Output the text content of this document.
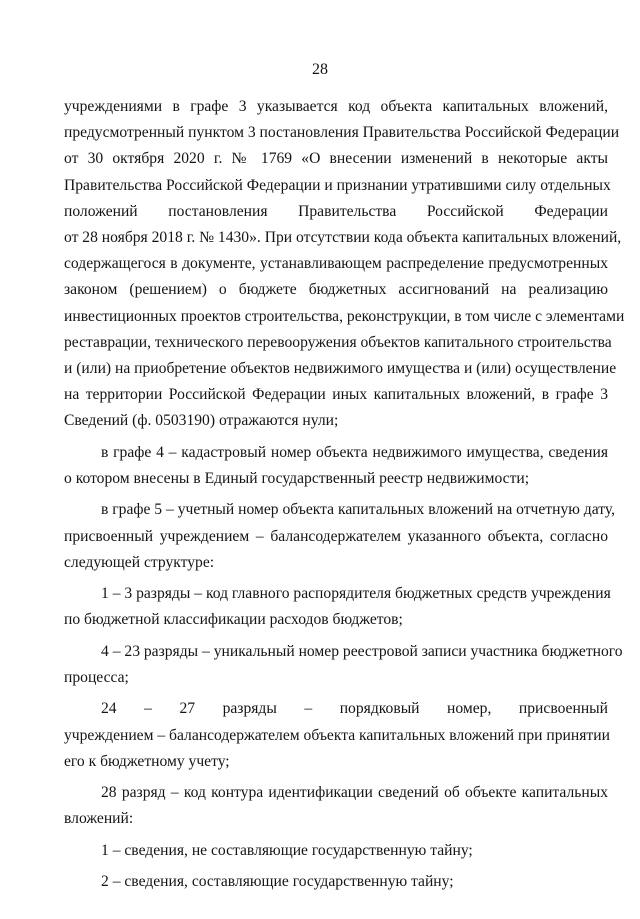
28

учреждениями в графе 3 указывается код объекта капитальных вложений,
предусмотренный пунктом 3 постановления Правительства Российской Федерации
от 30 октября 2020 г. № 1769 «О внесении изменений в некоторые акты
Правительства Российской Федерации и признании утратившими силу отдельных
положений постановления Правительства Российской Федерации
от 28 ноября 2018 г. № 1430». При отсутствии кода объекта капитальных вложений,
содержащегося в документе, устанавливающем распределение предусмотренных
законом (решением) о бюджете бюджетных ассигнований на реализацию
инвестиционных проектов строительства, реконструкции, в том числе с элементами
реставрации, технического перевооружения объектов капитального строительства
и (или) на приобретение объектов недвижимого имущества и (или) осуществление
на территории Российской Федерации иных капитальных вложений, в графе 3
Сведений (ф. 0503190) отражаются нули;

в графе 4 – кадастровый номер объекта недвижимого имущества, сведения
о котором внесены в Единый государственный реестр недвижимости;

в графе 5 – учетный номер объекта капитальных вложений на отчетную дату,
присвоенный учреждением – балансодержателем указанного объекта, согласно
следующей структуре:

1 – 3 разряды – код главного распорядителя бюджетных средств учреждения
по бюджетной классификации расходов бюджетов;

4 – 23 разряды – уникальный номер реестровой записи участника бюджетного
процесса;

24 – 27 разряды – порядковый номер, присвоенный
учреждением – балансодержателем объекта капитальных вложений при принятии
его к бюджетному учету;

28 разряд – код контура идентификации сведений об объекте капитальных
вложений:

1 – сведения, не составляющие государственную тайну;

2 – сведения, составляющие государственную тайну;
